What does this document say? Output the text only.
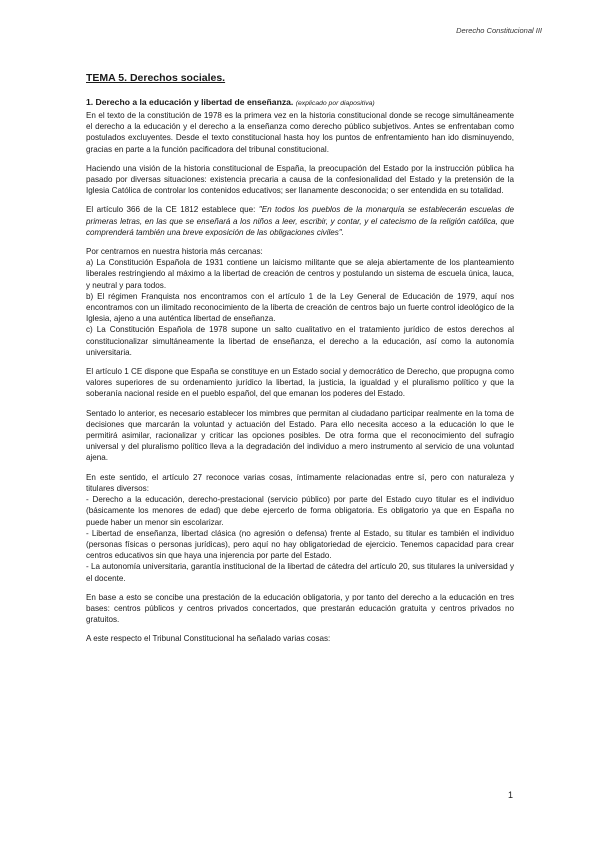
Derecho Constitucional III
TEMA 5. Derechos sociales.
1. Derecho a la educación y libertad de enseñanza. (explicado por diapositiva)

En el texto de la constitución de 1978 es la primera vez en la historia constitucional donde se recoge simultáneamente el derecho a la educación y el derecho a la enseñanza como derecho público subjetivos. Antes se enfrentaban como postulados excluyentes. Desde el texto constitucional hasta hoy los puntos de enfrentamiento han ido disminuyendo, gracias en parte a la función pacificadora del tribunal constitucional.

Haciendo una visión de la historia constitucional de España, la preocupación del Estado por la instrucción pública ha pasado por diversas situaciones: existencia precaria a causa de la confesionalidad del Estado y la pretensión de la Iglesia Católica de controlar los contenidos educativos; ser llanamente desconocida; o ser entendida en su totalidad.

El artículo 366 de la CE 1812 establece que: "En todos los pueblos de la monarquía se establecerán escuelas de primeras letras, en las que se enseñará a los niños a leer, escribir, y contar, y el catecismo de la religión católica, que comprenderá también una breve exposición de las obligaciones civiles".

Por centrarnos en nuestra historia más cercanas:

a) La Constitución Española de 1931 contiene un laicismo militante que se aleja abiertamente de los planteamiento liberales restringiendo al máximo a la libertad de creación de centros y postulando un sistema de escuela única, lauca, y neutral y para todos.

b) El régimen Franquista nos encontramos con el artículo 1 de la Ley General de Educación de 1979, aquí nos encontramos con un ilimitado reconocimiento de la liberta de creación de centros bajo un fuerte control ideológico de la Iglesia, ajeno a una auténtica libertad de enseñanza.

c) La Constitución Española de 1978 supone un salto cualitativo en el tratamiento jurídico de estos derechos al constitucionalizar simultáneamente la libertad de enseñanza, el derecho a la educación, así como la autonomía universitaria.

El artículo 1 CE dispone que España se constituye en un Estado social y democrático de Derecho, que propugna como valores superiores de su ordenamiento jurídico la libertad, la justicia, la igualdad y el pluralismo político y que la soberanía nacional reside en el pueblo español, del que emanan los poderes del Estado.

Sentado lo anterior, es necesario establecer los mimbres que permitan al ciudadano participar realmente en la toma de decisiones que marcarán la voluntad y actuación del Estado. Para ello necesita acceso a la educación lo que le permitirá asimilar, racionalizar y criticar las opciones posibles. De otra forma que el reconocimiento del sufragio universal y del pluralismo político lleva a la degradación del individuo a mero instrumento al servicio de una voluntad ajena.

En este sentido, el artículo 27 reconoce varias cosas, íntimamente relacionadas entre sí, pero con naturaleza y titulares diversos:

- Derecho a la educación, derecho-prestacional (servicio público) por parte del Estado cuyo titular es el individuo (básicamente los menores de edad) que debe ejercerlo de forma obligatoria. Es obligatorio ya que en España no puede haber un menor sin escolarizar.

- Libertad de enseñanza, libertad clásica (no agresión o defensa) frente al Estado, su titular es también el individuo (personas físicas o personas jurídicas), pero aquí no hay obligatoriedad de ejercicio. Tenemos capacidad para crear centros educativos sin que haya una injerencia por parte del Estado.

- La autonomía universitaria, garantía institucional de la libertad de cátedra del artículo 20, sus titulares la universidad y el docente.

En base a esto se concibe una prestación de la educación obligatoria, y por tanto del derecho a la educación en tres bases: centros públicos y centros privados concertados, que prestarán educación gratuita y centros privados no gratuitos.

A este respecto el Tribunal Constitucional ha señalado varias cosas:

1
